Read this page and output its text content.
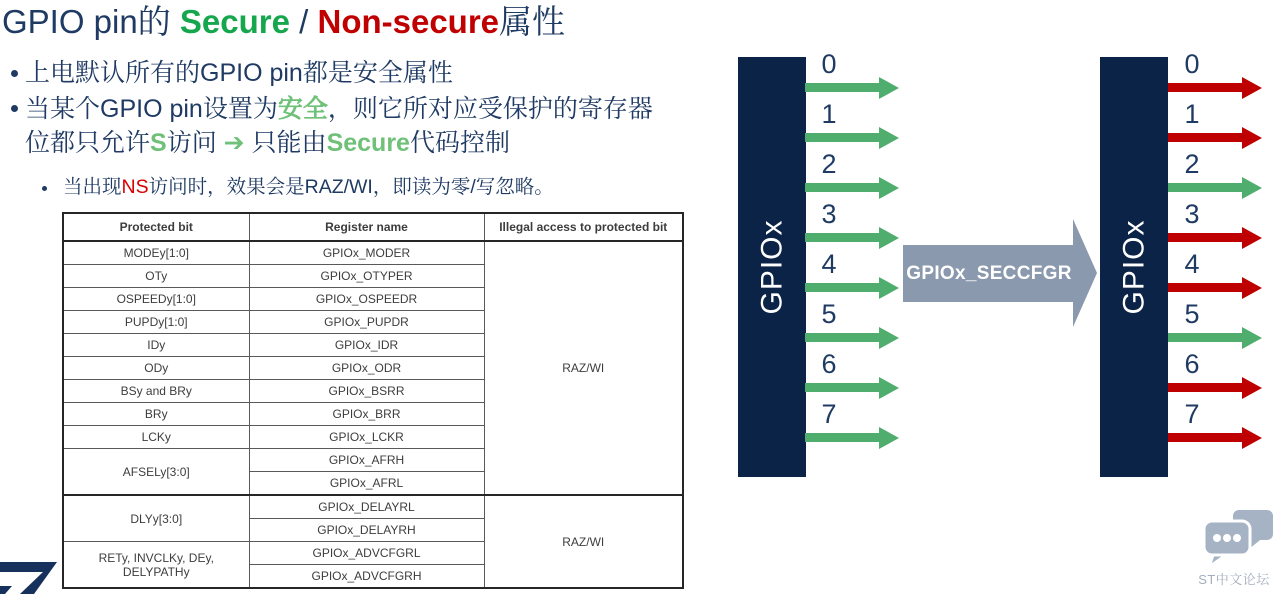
GPIO pin的 Secure / Non-secure属性
上电默认所有的GPIO pin都是安全属性
当某个GPIO pin设置为安全，则它所对应受保护的寄存器
位都只允许S访问 ➔ 只能由Secure代码控制
当出现NS访问时，效果会是RAZ/WI，即读为零/写忽略。
Protected bit	Register name	Illegal access to protected bit
MODEy[1:0]	GPIOx_MODER	RAZ/WI
OTy	GPIOx_OTYPER	
OSPEEDy[1:0]	GPIOx_OSPEEDR	
PUPDy[1:0]	GPIOx_PUPDR	
IDy	GPIOx_IDR	
ODy	GPIOx_ODR	
BSy and BRy	GPIOx_BSRR	
BRy	GPIOx_BRR	
LCKy	GPIOx_LCKR	
AFSELy[3:0]	GPIOx_AFRH	
	GPIOx_AFRL	
DLYy[3:0]	GPIOx_DELAYRL	RAZ/WI
	GPIOx_DELAYRH	
RETy, INVCLKy, DEy, DELYPATHy	GPIOx_ADVCFGRL	
	GPIOx_ADVCFGRH	
GPIOx
0
1
2
3
4
5
6
7
GPIOx_SECCFGR GPIOx
0
1
2
3
4
5
6
7
ST中文论坛
